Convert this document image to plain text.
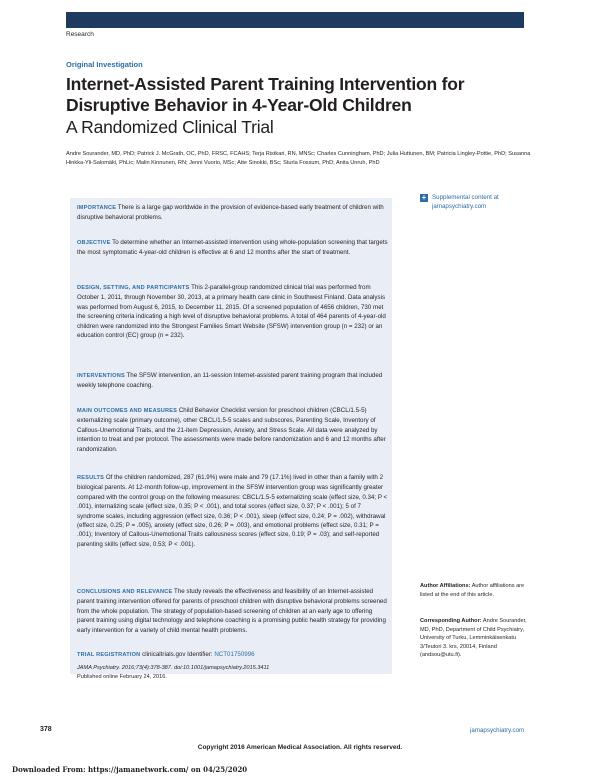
Research
Original Investigation
Internet-Assisted Parent Training Intervention for Disruptive Behavior in 4-Year-Old Children
A Randomized Clinical Trial
Andre Sourander, MD, PhD; Patrick J. McGrath, OC, PhD, FRSC, FCAHS; Terja Ristkari, RN, MNSc; Charles Cunningham, PhD; Julia Huttunen, BM; Patricia Lingley-Pottie, PhD; Susanna Hinkka-Yli-Salomäki, PhLic; Malin Kinnunen, RN; Jenni Vuorio, MSc; Atte Sinokki, BSc; Sturla Fossum, PhD; Anita Unruh, PhD
IMPORTANCE There is a large gap worldwide in the provision of evidence-based early treatment of children with disruptive behavioral problems.
OBJECTIVE To determine whether an Internet-assisted intervention using whole-population screening that targets the most symptomatic 4-year-old children is effective at 6 and 12 months after the start of treatment.
DESIGN, SETTING, AND PARTICIPANTS This 2-parallel-group randomized clinical trial was performed from October 1, 2011, through November 30, 2013, at a primary health care clinic in Southwest Finland. Data analysis was performed from August 6, 2015, to December 11, 2015. Of a screened population of 4656 children, 730 met the screening criteria indicating a high level of disruptive behavioral problems. A total of 464 parents of 4-year-old children were randomized into the Strongest Families Smart Website (SFSW) intervention group (n = 232) or an education control (EC) group (n = 232).
INTERVENTIONS The SFSW intervention, an 11-session Internet-assisted parent training program that included weekly telephone coaching.
MAIN OUTCOMES AND MEASURES Child Behavior Checklist version for preschool children (CBCL/1.5-5) externalizing scale (primary outcome), other CBCL/1.5-5 scales and subscores, Parenting Scale, Inventory of Callous-Unemotional Traits, and the 21-item Depression, Anxiety, and Stress Scale. All data were analyzed by intention to treat and per protocol. The assessments were made before randomization and 6 and 12 months after randomization.
RESULTS Of the children randomized, 287 (61.9%) were male and 79 (17.1%) lived in other than a family with 2 biological parents. At 12-month follow-up, improvement in the SFSW intervention group was significantly greater compared with the control group on the following measures: CBCL/1.5-5 externalizing scale (effect size, 0.34; P < .001), internalizing scale (effect size, 0.35; P < .001), and total scores (effect size, 0.37; P < .001); 5 of 7 syndrome scales, including aggression (effect size, 0.36; P < .001), sleep (effect size, 0.24; P = .002), withdrawal (effect size, 0.25; P = .005), anxiety (effect size, 0.26; P = .003), and emotional problems (effect size, 0.31; P = .001); Inventory of Callous-Unemotional Traits callousness scores (effect size, 0.19; P = .03); and self-reported parenting skills (effect size, 0.53; P < .001).
CONCLUSIONS AND RELEVANCE The study reveals the effectiveness and feasibility of an Internet-assisted parent training intervention offered for parents of preschool children with disruptive behavioral problems screened from the whole population. The strategy of population-based screening of children at an early age to offering parent training using digital technology and telephone coaching is a promising public health strategy for providing early intervention for a variety of child mental health problems.
TRIAL REGISTRATION clinicaltrials.gov Identifier: NCT01750996
JAMA Psychiatry. 2016;73(4):378-387. doi:10.1001/jamapsychiatry.2015.3411
Published online February 24, 2016.
+ Supplemental content at jamapsychiatry.com
Author Affiliations: Author affiliations are listed at the end of this article.
Corresponding Author: Andre Sourander, MD, PhD, Department of Child Psychiatry, University of Turku, Lemminkäisenkatu 3/Teutori 3. krs, 20014, Finland (andsou@utu.fi).
378	jamapsychiatry.com
Copyright 2016 American Medical Association. All rights reserved.
Downloaded From: https://jamanetwork.com/ on 04/25/2020
